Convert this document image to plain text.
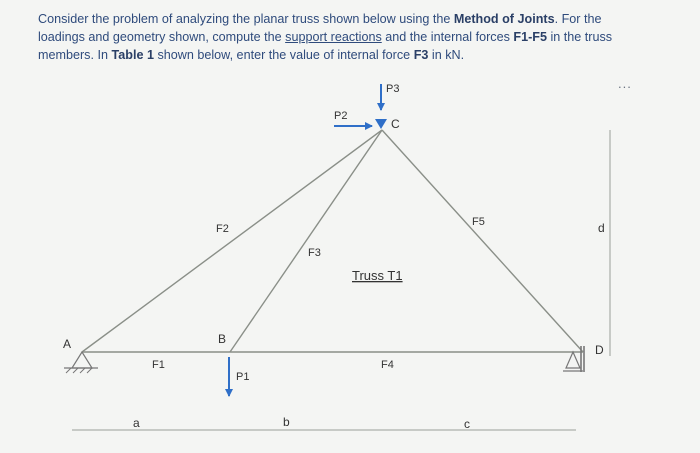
Consider the problem of analyzing the planar truss shown below using the Method of Joints. For the loadings and geometry shown, compute the support reactions and the internal forces F1-F5 in the truss members. In Table 1 shown below, enter the value of internal force F3 in kN.

...
A	B
C
D
F1
F2
F3
F4
F5
P1
P2
P3
Truss T1
a	b	c
d
